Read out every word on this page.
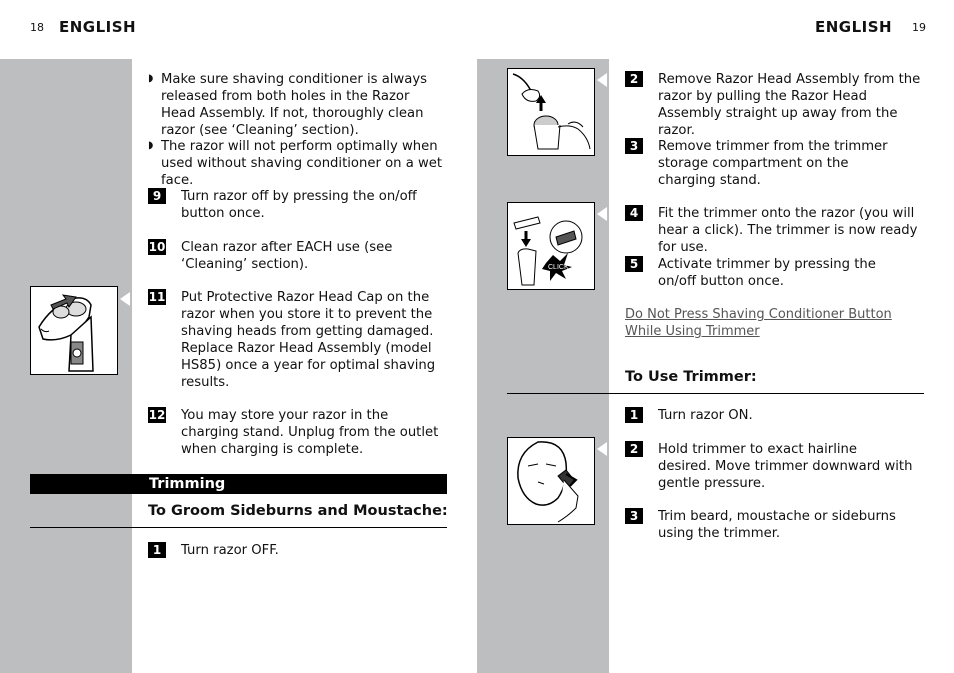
18 ENGLISH	ENGLISH 19
◗ Make sure shaving conditioner is always released from both holes in the Razor Head Assembly. If not, thoroughly clean razor (see ‘Cleaning’ section).
◗ The razor will not perform optimally when used without shaving conditioner on a wet face.
9	Turn razor off by pressing the on/off button once.
10 Clean razor after EACH use (see ‘Cleaning’ section).
11 Put Protective Razor Head Cap on the razor when you store it to prevent the shaving heads from getting damaged. Replace Razor Head Assembly (model HS85) once a year for optimal shaving results.
12 You may store your razor in the charging stand. Unplug from the outlet when charging is complete.
Trimming
To Groom Sideburns and Moustache:
1	Turn razor OFF.
CLICK
2	Remove Razor Head Assembly from the razor by pulling the Razor Head Assembly straight up away from the razor.
3	Remove trimmer from the trimmer storage compartment on the charging stand.
4	Fit the trimmer onto the razor (you will hear a click). The trimmer is now ready for use.
5	Activate trimmer by pressing the on/off button once.
Do Not Press Shaving Conditioner Button While Using Trimmer
To Use Trimmer:
1	Turn razor ON.
2	Hold trimmer to exact hairline desired. Move trimmer downward with gentle pressure.
3	Trim beard, moustache or sideburns using the trimmer.
